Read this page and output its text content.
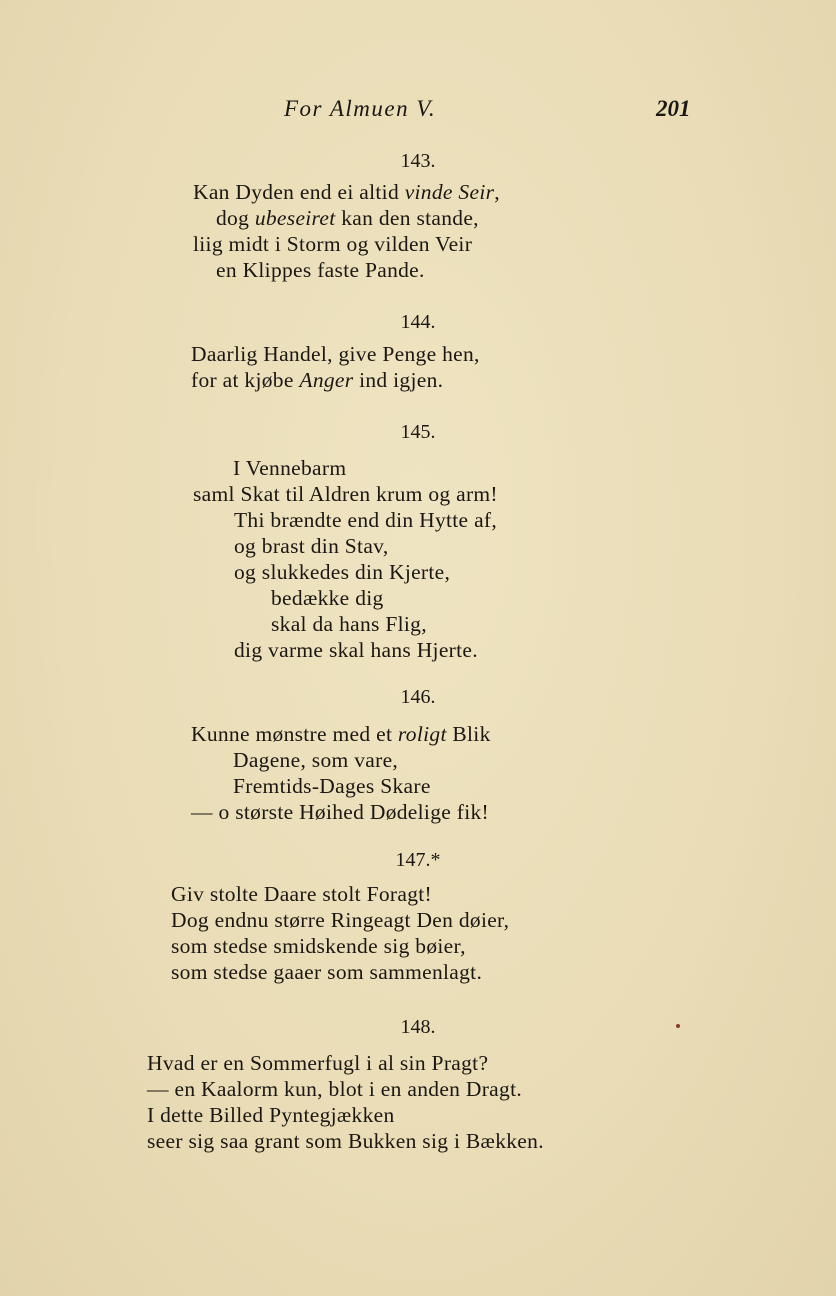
For Almuen V.	201
143.
Kan Dyden end ei altid vinde Seir,
dog ubeseiret kan den stande,
liig midt i Storm og vilden Veir
en Klippes faste Pande.
144.
Daarlig Handel, give Penge hen,
for at kjøbe Anger ind igjen.
145.
I Vennebarm
saml Skat til Aldren krum og arm!
Thi brændte end din Hytte af,
og brast din Stav,
og slukkedes din Kjerte,
bedække dig
skal da hans Flig,
dig varme skal hans Hjerte.
146.
Kunne mønstre med et roligt Blik
Dagene, som vare,
Fremtids-Dages Skare
— o største Høihed Dødelige fik!
147.*
Giv stolte Daare stolt Foragt!
Dog endnu større Ringeagt Den døier,
som stedse smidskende sig bøier,
som stedse gaaer som sammenlagt.
148.
Hvad er en Sommerfugl i al sin Pragt?
— en Kaalorm kun, blot i en anden Dragt.
I dette Billed Pyntegjækken
seer sig saa grant som Bukken sig i Bækken.
